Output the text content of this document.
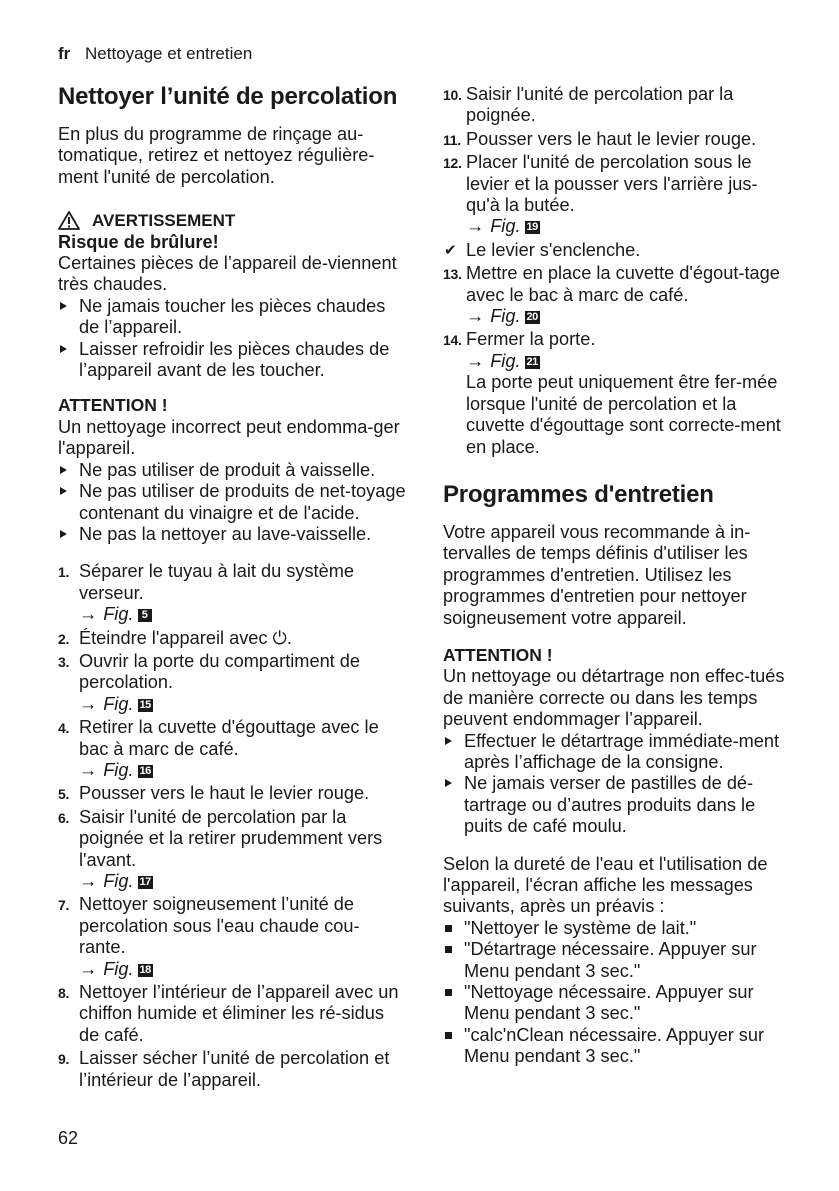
fr Nettoyage et entretien
Nettoyer l’unité de percolation

En plus du programme de rinçage au-tomatique, retirez et nettoyez régulière-ment l'unité de percolation.

AVERTISSEMENT

Risque de brûlure!

Certaines pièces de l’appareil de-viennent très chaudes.

Ne jamais toucher les pièces chaudes de l’appareil.
Laisser refroidir les pièces chaudes de l’appareil avant de les toucher.

ATTENTION !

Un nettoyage incorrect peut endomma-ger l'appareil.

Ne pas utiliser de produit à vaisselle.
Ne pas utiliser de produits de net-toyage contenant du vinaigre et de l'acide.
Ne pas la nettoyer au lave-vaisselle.
1. Séparer le tuyau à lait du système verseur.
→ Fig. 5
2. Éteindre l'appareil avec ⏻.
3. Ouvrir la porte du compartiment de percolation.
→ Fig. 15
4. Retirer la cuvette d'égouttage avec le bac à marc de café.
→ Fig. 16
5. Pousser vers le haut le levier rouge.
6. Saisir l'unité de percolation par la poignée et la retirer prudemment vers l'avant.
→ Fig. 17
7. Nettoyer soigneusement l’unité de percolation sous l'eau chaude cou-rante.
→ Fig. 18
8. Nettoyer l’intérieur de l’appareil avec un chiffon humide et éliminer les ré-sidus de café.
9. Laisser sécher l’unité de percolation et l’intérieur de l’appareil.
10. Saisir l'unité de percolation par la poignée.
11. Pousser vers le haut le levier rouge.
12. Placer l'unité de percolation sous le levier et la pousser vers l'arrière jus-qu'à la butée.
→ Fig. 19
✔ Le levier s'enclenche.
13. Mettre en place la cuvette d'égout-tage avec le bac à marc de café.
→ Fig. 20
14. Fermer la porte.
→ Fig. 21
La porte peut uniquement être fer-mée lorsque l'unité de percolation et la cuvette d'égouttage sont correcte-ment en place.
Programmes d'entretien

Votre appareil vous recommande à in-tervalles de temps définis d'utiliser les programmes d'entretien. Utilisez les programmes d'entretien pour nettoyer soigneusement votre appareil.

ATTENTION !

Un nettoyage ou détartrage non effec-tués de manière correcte ou dans les temps peuvent endommager l’appareil.

Effectuer le détartrage immédiate-ment après l’affichage de la consigne.
Ne jamais verser de pastilles de dé-tartrage ou d’autres produits dans le puits de café moulu.

Selon la dureté de l'eau et l'utilisation de l'appareil, l'écran affiche les messages suivants, après un préavis :

"Nettoyer le système de lait."
"Détartrage nécessaire. Appuyer sur Menu pendant 3 sec."
"Nettoyage nécessaire. Appuyer sur Menu pendant 3 sec."
"calc'nClean nécessaire. Appuyer sur Menu pendant 3 sec."
62
